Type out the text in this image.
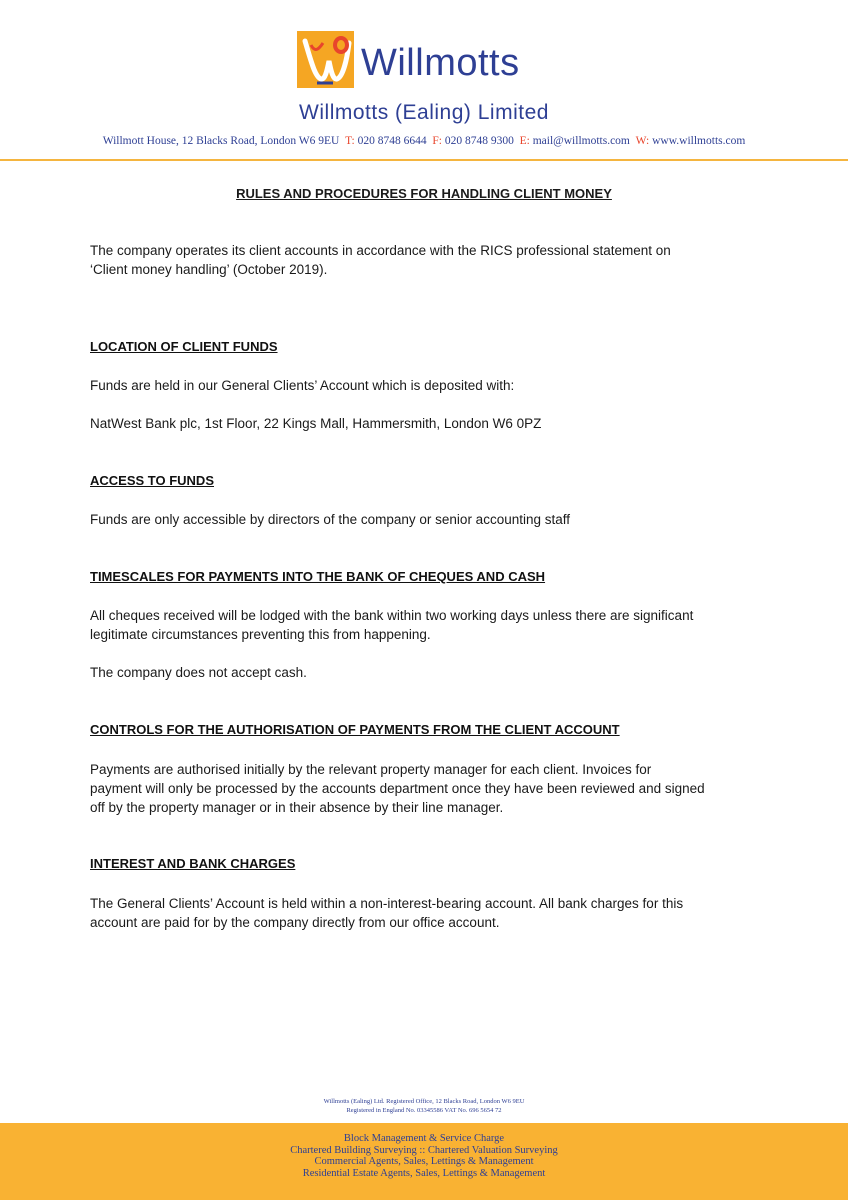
Willmotts
Willmotts (Ealing) Limited
Willmott House, 12 Blacks Road, London W6 9EU T: 020 8748 6644 F: 020 8748 9300 E: mail@willmotts.com W: www.willmotts.com
RULES AND PROCEDURES FOR HANDLING CLIENT MONEY
The company operates its client accounts in accordance with the RICS professional statement on
‘Client money handling’ (October 2019).
LOCATION OF CLIENT FUNDS
Funds are held in our General Clients’ Account which is deposited with:
NatWest Bank plc, 1st Floor, 22 Kings Mall, Hammersmith, London W6 0PZ
ACCESS TO FUNDS
Funds are only accessible by directors of the company or senior accounting staff
TIMESCALES FOR PAYMENTS INTO THE BANK OF CHEQUES AND CASH
All cheques received will be lodged with the bank within two working days unless there are significant
legitimate circumstances preventing this from happening.
The company does not accept cash.
CONTROLS FOR THE AUTHORISATION OF PAYMENTS FROM THE CLIENT ACCOUNT
Payments are authorised initially by the relevant property manager for each client. Invoices for
payment will only be processed by the accounts department once they have been reviewed and signed
off by the property manager or in their absence by their line manager.
INTEREST AND BANK CHARGES
The General Clients’ Account is held within a non-interest-bearing account. All bank charges for this
account are paid for by the company directly from our office account.
Willmotts (Ealing) Ltd. Registered Office, 12 Blacks Road, London W6 9EU
Registered in England No. 03345586 VAT No. 696 5654 72
Block Management & Service Charge
Chartered Building Surveying :: Chartered Valuation Surveying
Commercial Agents, Sales, Lettings & Management
Residential Estate Agents, Sales, Lettings & Management
